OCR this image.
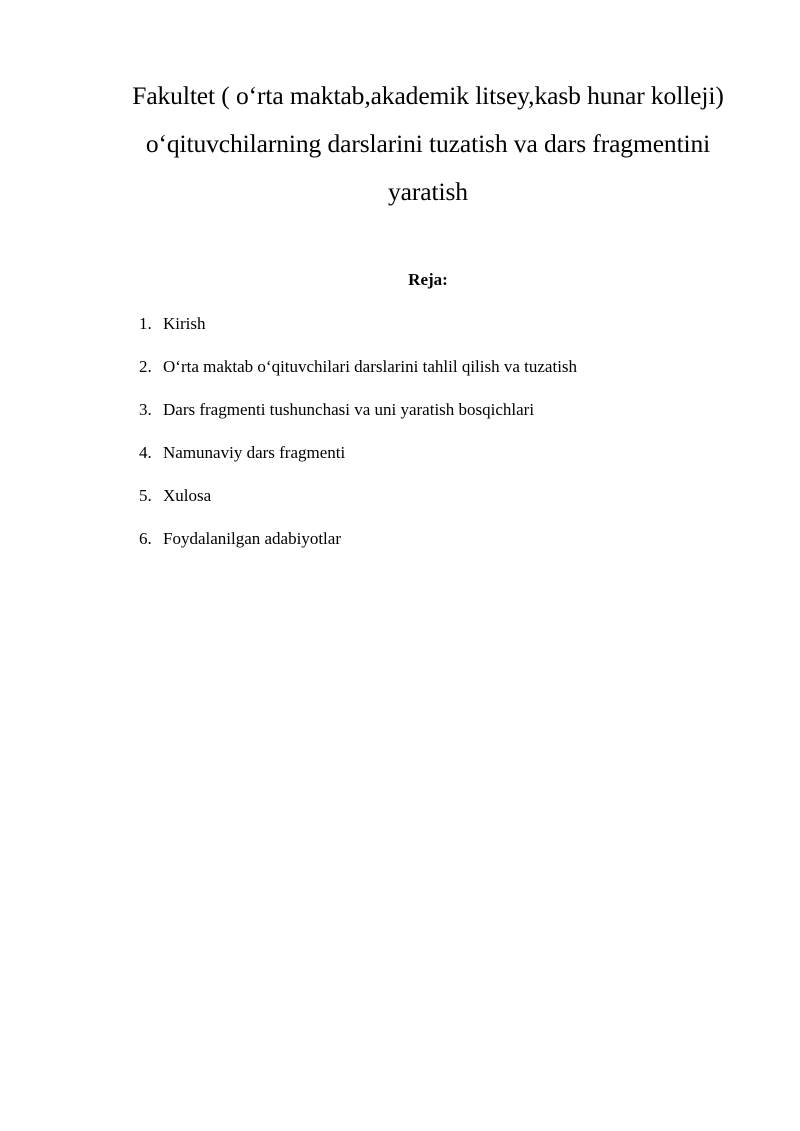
Fakultet ( o‘rta maktab,akademik litsey,kasb hunar kolleji) o‘qituvchilarning darslarini tuzatish va dars fragmentini yaratish
Reja:
1. Kirish
2. O‘rta maktab o‘qituvchilari darslarini tahlil qilish va tuzatish
3. Dars fragmenti tushunchasi va uni yaratish bosqichlari
4. Namunaviy dars fragmenti
5. Xulosa
6. Foydalanilgan adabiyotlar
